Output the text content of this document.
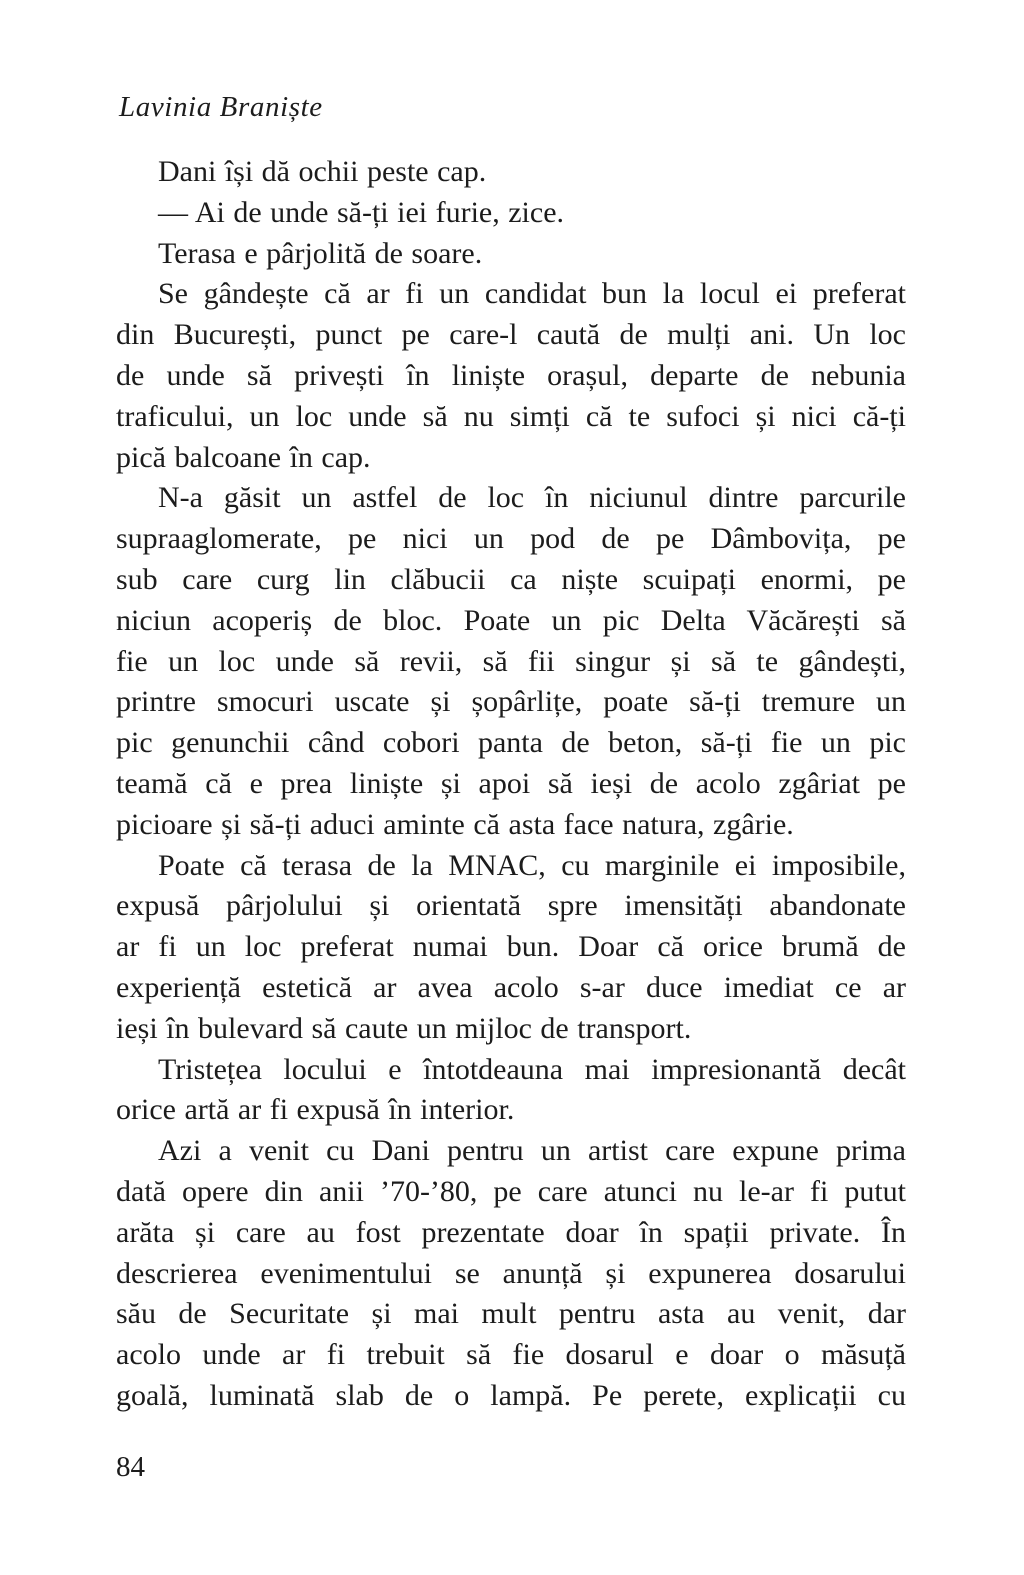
Lavinia Braniște
Dani își dă ochii peste cap.
— Ai de unde să-ți iei furie, zice.
Terasa e pârjolită de soare.
Se gândește că ar fi un candidat bun la locul ei preferat
din București, punct pe care-l caută de mulți ani. Un loc
de unde să privești în liniște orașul, departe de nebunia
traficului, un loc unde să nu simți că te sufoci și nici că-ți
pică balcoane în cap.
N-a găsit un astfel de loc în niciunul dintre parcurile
supraaglomerate, pe nici un pod de pe Dâmbovița, pe
sub care curg lin clăbucii ca niște scuipați enormi, pe
niciun acoperiș de bloc. Poate un pic Delta Văcărești să
fie un loc unde să revii, să fii singur și să te gândești,
printre smocuri uscate și șopârlițe, poate să-ți tremure un
pic genunchii când cobori panta de beton, să-ți fie un pic
teamă că e prea liniște și apoi să ieși de acolo zgâriat pe
picioare și să-ți aduci aminte că asta face natura, zgârie.
Poate că terasa de la MNAC, cu marginile ei imposibile,
expusă pârjolului și orientată spre imensități abandonate
ar fi un loc preferat numai bun. Doar că orice brumă de
experiență estetică ar avea acolo s-ar duce imediat ce ar
ieși în bulevard să caute un mijloc de transport.
Tristețea locului e întotdeauna mai impresionantă decât
orice artă ar fi expusă în interior.
Azi a venit cu Dani pentru un artist care expune prima
dată opere din anii ’70-’80, pe care atunci nu le-ar fi putut
arăta și care au fost prezentate doar în spații private. În
descrierea evenimentului se anunță și expunerea dosarului
său de Securitate și mai mult pentru asta au venit, dar
acolo unde ar fi trebuit să fie dosarul e doar o măsuță
goală, luminată slab de o lampă. Pe perete, explicații cu
84
